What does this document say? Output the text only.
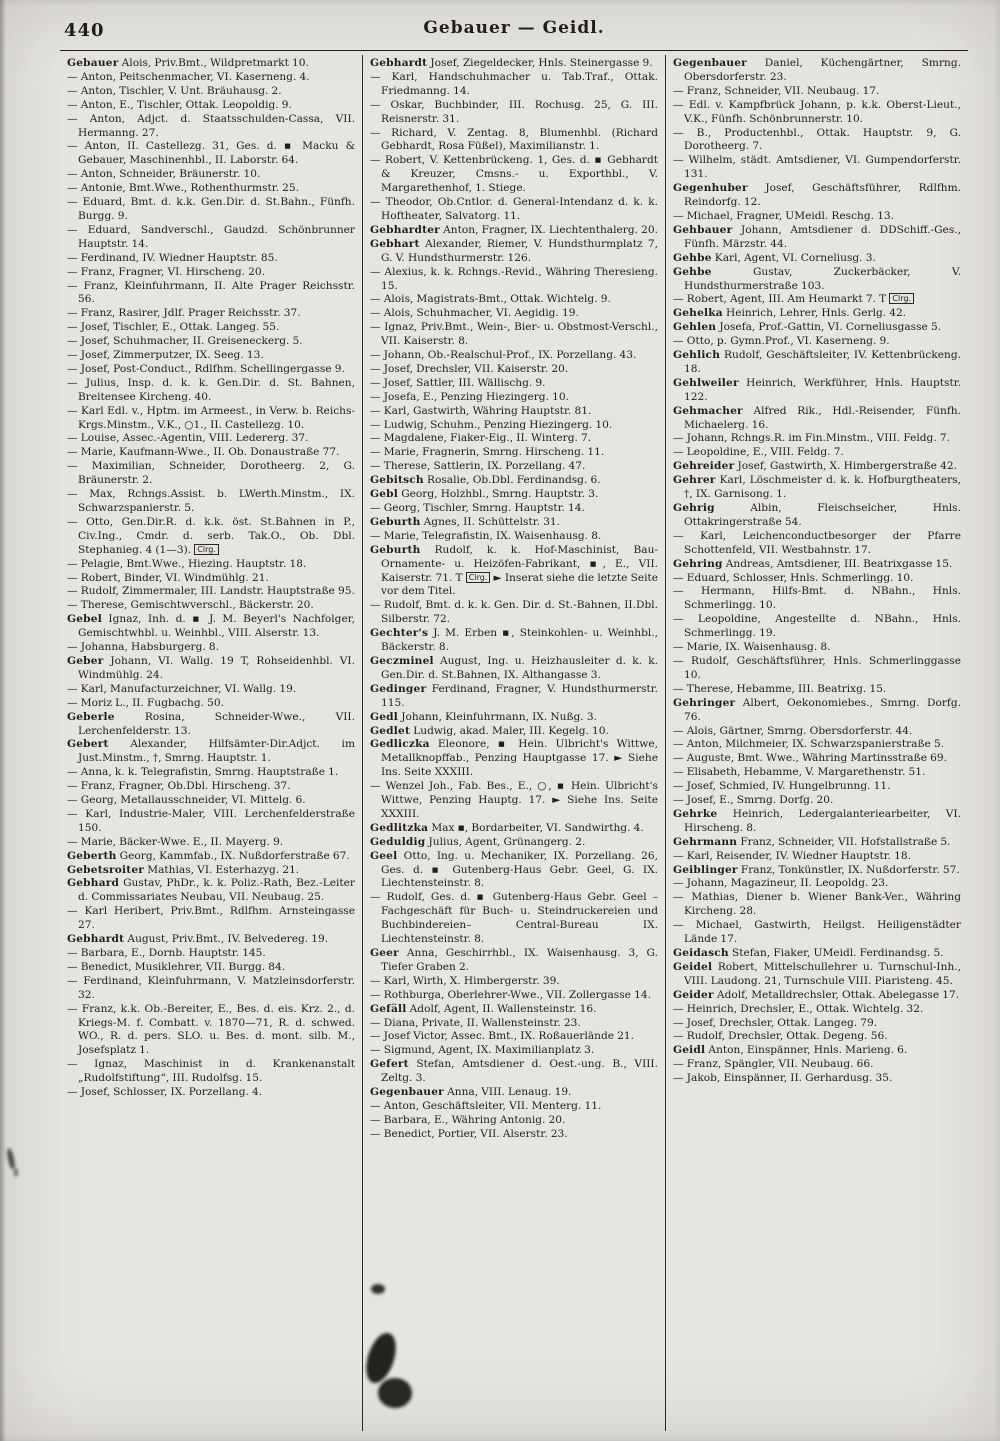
440	Gebauer — Geidl.
Gebauer Alois, Priv.Bmt., Wildpretmarkt 10.
— Anton, Peitschenmacher, VI. Kaserneng. 4.
— Anton, Tischler, V. Unt. Bräuhausg. 2.
— Anton, E., Tischler, Ottak. Leopoldig. 9.
— Anton, Adjct. d. Staatsschulden-Cassa, VII. Hermanng. 27.
— Anton, II. Castellezg. 31, Ges. d. ▪ Macku & Gebauer, Maschinenhbl., II. Laborstr. 64.
— Anton, Schneider, Bräunerstr. 10.
— Antonie, Bmt.Wwe., Rothenthurmstr. 25.
— Eduard, Bmt. d. k.k. Gen.Dir. d. St.Bahn., Fünfh. Burgg. 9.
— Eduard, Sandverschl., Gaudzd. Schönbrunner Hauptstr. 14.
— Ferdinand, IV. Wiedner Hauptstr. 85.
— Franz, Fragner, VI. Hirscheng. 20.
— Franz, Kleinfuhrmann, II. Alte Prager Reichsstr. 56.
— Franz, Rasirer, Jdlf. Prager Reichsstr. 37.
— Josef, Tischler, E., Ottak. Langeg. 55.
— Josef, Schuhmacher, II. Greiseneckerg. 5.
— Josef, Zimmerputzer, IX. Seeg. 13.
— Josef, Post-Conduct., Rdlfhm. Schellingergasse 9.
— Julius, Insp. d. k. k. Gen.Dir. d. St. Bahnen, Breitensee Kircheng. 40.
— Karl Edl. v., Hptm. im Armeest., in Verw. b. Reichs-Krgs.Minstm., V.K., ○1., II. Castellezg. 10.
— Louise, Assec.-Agentin, VIII. Ledererg. 37.
— Marie, Kaufmann-Wwe., II. Ob. Donaustraße 77.
— Maximilian, Schneider, Dorotheerg. 2, G. Bräunerstr. 2.
— Max, Rchngs.Assist. b. LWerth.Minstm., IX. Schwarzspanierstr. 5.
— Otto, Gen.Dir.R. d. k.k. öst. St.Bahnen in P., Civ.Ing., Cmdr. d. serb. Tak.O., Ob. Dbl. Stephanieg. 4 (1—3). Clrg.
— Pelagie, Bmt.Wwe., Hiezing. Hauptstr. 18.
— Robert, Binder, VI. Windmühlg. 21.
— Rudolf, Zimmermaler, III. Landstr. Hauptstraße 95.
— Therese, Gemischtwverschl., Bäckerstr. 20.
Gebel Ignaz, Inh. d. ▪ J. M. Beyerl's Nachfolger, Gemischtwhbl. u. Weinhbl., VIII. Alserstr. 13.
— Johanna, Habsburgerg. 8.
Geber Johann, VI. Wallg. 19 T, Rohseidenhbl. VI. Windmühlg. 24.
— Karl, Manufacturzeichner, VI. Wallg. 19.
— Moriz L., II. Fugbachg. 50.
Geberle Rosina, Schneider-Wwe., VII. Lerchenfelderstr. 13.
Gebert Alexander, Hilfsämter-Dir.Adjct. im Just.Minstm., †, Smrng. Hauptstr. 1.
— Anna, k. k. Telegrafistin, Smrng. Hauptstraße 1.
— Franz, Fragner, Ob.Dbl. Hirscheng. 37.
— Georg, Metallausschneider, VI. Mittelg. 6.
— Karl, Industrie-Maler, VIII. Lerchenfelderstraße 150.
— Marie, Bäcker-Wwe. E., II. Mayerg. 9.
Geberth Georg, Kammfab., IX. Nußdorferstraße 67.
Gebetsroiter Mathias, VI. Esterhazyg. 21.
Gebhard Gustav, PhDr., k. k. Poliz.-Rath, Bez.-Leiter d. Commissariates Neubau, VII. Neubaug. 25.
— Karl Heribert, Priv.Bmt., Rdlfhm. Arnsteingasse 27.
Gebhardt August, Priv.Bmt., IV. Belvedereg. 19.
— Barbara, E., Dornb. Hauptstr. 145.
— Benedict, Musiklehrer, VII. Burgg. 84.
— Ferdinand, Kleinfuhrmann, V. Matzleinsdorferstr. 32.
— Franz, k.k. Ob.-Bereiter, E., Bes. d. eis. Krz. 2., d. Kriegs-M. f. Combatt. v. 1870—71, R. d. schwed. WO., R. d. pers. SLO. u. Bes. d. mont. silb. M., Josefsplatz 1.
— Ignaz, Maschinist in d. Krankenanstalt „Rudolfstiftung“, III. Rudolfsg. 15.
— Josef, Schlosser, IX. Porzellang. 4.
Gebhardt Josef, Ziegeldecker, Hnls. Steinergasse 9.
— Karl, Handschuhmacher u. Tab.Traf., Ottak. Friedmanng. 14.
— Oskar, Buchbinder, III. Rochusg. 25, G. III. Reisnerstr. 31.
— Richard, V. Zentag. 8, Blumenhbl. (Richard Gebhardt, Rosa Füßel), Maximilianstr. 1.
— Robert, V. Kettenbrückeng. 1, Ges. d. ▪ Gebhardt & Kreuzer, Cmsns.- u. Exporthbl., V. Margarethenhof, 1. Stiege.
— Theodor, Ob.Cntlor. d. General-Intendanz d. k. k. Hoftheater, Salvatorg. 11.
Gebhardter Anton, Fragner, IX. Liechtenthalerg. 20.
Gebhart Alexander, Riemer, V. Hundsthurmplatz 7, G. V. Hundsthurmerstr. 126.
— Alexius, k. k. Rchngs.-Revid., Währing Theresieng. 15.
— Alois, Magistrats-Bmt., Ottak. Wichtelg. 9.
— Alois, Schuhmacher, VI. Aegidig. 19.
— Ignaz, Priv.Bmt., Wein-, Bier- u. Obstmost-Verschl., VII. Kaiserstr. 8.
— Johann, Ob.-Realschul-Prof., IX. Porzellang. 43.
— Josef, Drechsler, VII. Kaiserstr. 20.
— Josef, Sattler, III. Wällischg. 9.
— Josefa, E., Penzing Hiezingerg. 10.
— Karl, Gastwirth, Währing Hauptstr. 81.
— Ludwig, Schuhm., Penzing Hiezingerg. 10.
— Magdalene, Fiaker-Eig., II. Winterg. 7.
— Marie, Fragnerin, Smrng. Hirscheng. 11.
— Therese, Sattlerin, IX. Porzellang. 47.
Gebitsch Rosalie, Ob.Dbl. Ferdinandsg. 6.
Gebl Georg, Holzhbl., Smrng. Hauptstr. 3.
— Georg, Tischler, Smrng. Hauptstr. 14.
Geburth Agnes, II. Schüttelstr. 31.
— Marie, Telegrafistin, IX. Waisenhausg. 8.
Geburth Rudolf, k. k. Hof-Maschinist, Bau-Ornamente- u. Heizöfen-Fabrikant, ▪, E., VII. Kaiserstr. 71. T Clrg. ► Inserat siehe die letzte Seite vor dem Titel.
— Rudolf, Bmt. d. k. k. Gen. Dir. d. St.-Bahnen, II.Dbl. Silberstr. 72.
Gechter's J. M. Erben ▪, Steinkohlen- u. Weinhbl., Bäckerstr. 8.
Geczminel August, Ing. u. Heizhausleiter d. k. k. Gen.Dir. d. St.Bahnen, IX. Althangasse 3.
Gedinger Ferdinand, Fragner, V. Hundsthurmerstr. 115.
Gedl Johann, Kleinfuhrmann, IX. Nußg. 3.
Gedlet Ludwig, akad. Maler, III. Kegelg. 10.
Gedliczka Eleonore, ▪ Hein. Ulbricht's Wittwe, Metallknopffab., Penzing Hauptgasse 17. ► Siehe Ins. Seite XXXIII.
— Wenzel Joh., Fab. Bes., E., ○, ▪ Hein. Ulbricht's Wittwe, Penzing Hauptg. 17. ► Siehe Ins. Seite XXXIII.
Gedlitzka Max ▪, Bordarbeiter, VI. Sandwirthg. 4.
Geduldig Julius, Agent, Grünangerg. 2.
Geel Otto, Ing. u. Mechaniker, IX. Porzellang. 26, Ges. d. ▪ Gutenberg-Haus Gebr. Geel, G. IX. Liechtensteinstr. 8.
— Rudolf, Ges. d. ▪ Gutenberg-Haus Gebr. Geel –Fachgeschäft für Buch- u. Steindruckereien und Buchbindereien– Central-Bureau IX. Liechtensteinstr. 8.
Geer Anna, Geschirrhbl., IX. Waisenhausg. 3, G. Tiefer Graben 2.
— Karl, Wirth, X. Himbergerstr. 39.
— Rothburga, Oberlehrer-Wwe., VII. Zollergasse 14.
Gefäll Adolf, Agent, II. Wallensteinstr. 16.
— Diana, Private, II. Wallensteinstr. 23.
— Josef Victor, Assec. Bmt., IX. Roßauerlände 21.
— Sigmund, Agent, IX. Maximilianplatz 3.
Gefert Stefan, Amtsdiener d. Oest.-ung. B., VIII. Zeltg. 3.
Gegenbauer Anna, VIII. Lenaug. 19.
— Anton, Geschäftsleiter, VII. Menterg. 11.
— Barbara, E., Währing Antonig. 20.
— Benedict, Portier, VII. Alserstr. 23.
Gegenbauer Daniel, Küchengärtner, Smrng. Obersdorferstr. 23.
— Franz, Schneider, VII. Neubaug. 17.
— Edl. v. Kampfbrück Johann, p. k.k. Oberst-Lieut., V.K., Fünfh. Schönbrunnerstr. 10.
— B., Productenhbl., Ottak. Hauptstr. 9, G. Dorotheerg. 7.
— Wilhelm, städt. Amtsdiener, VI. Gumpendorferstr. 131.
Gegenhuber Josef, Geschäftsführer, Rdlfhm. Reindorfg. 12.
— Michael, Fragner, UMeidl. Reschg. 13.
Gehbauer Johann, Amtsdiener d. DDSchiff.-Ges., Fünfh. Märzstr. 44.
Gehbe Karl, Agent, VI. Corneliusg. 3.
Gehbe Gustav, Zuckerbäcker, V. Hundsthurmerstraße 103.
— Robert, Agent, III. Am Heumarkt 7. T Clrg.
Gehelka Heinrich, Lehrer, Hnls. Gerlg. 42.
Gehlen Josefa, Prof.-Gattin, VI. Corneliusgasse 5.
— Otto, p. Gymn.Prof., VI. Kaserneng. 9.
Gehlich Rudolf, Geschäftsleiter, IV. Kettenbrückeng. 18.
Gehlweiler Heinrich, Werkführer, Hnls. Hauptstr. 122.
Gehmacher Alfred Rik., Hdl.-Reisender, Fünfh. Michaelerg. 16.
— Johann, Rchngs.R. im Fin.Minstm., VIII. Feldg. 7.
— Leopoldine, E., VIII. Feldg. 7.
Gehreider Josef, Gastwirth, X. Himbergerstraße 42.
Gehrer Karl, Löschmeister d. k. k. Hofburgtheaters, †, IX. Garnisong. 1.
Gehrig Albin, Fleischselcher, Hnls. Ottakringerstraße 54.
— Karl, Leichenconductbesorger der Pfarre Schottenfeld, VII. Westbahnstr. 17.
Gehring Andreas, Amtsdiener, III. Beatrixgasse 15.
— Eduard, Schlosser, Hnls. Schmerlingg. 10.
— Hermann, Hilfs-Bmt. d. NBahn., Hnls. Schmerlingg. 10.
— Leopoldine, Angestellte d. NBahn., Hnls. Schmerlingg. 19.
— Marie, IX. Waisenhausg. 8.
— Rudolf, Geschäftsführer, Hnls. Schmerlinggasse 10.
— Therese, Hebamme, III. Beatrixg. 15.
Gehringer Albert, Oekonomiebes., Smrng. Dorfg. 76.
— Alois, Gärtner, Smrng. Obersdorferstr. 44.
— Anton, Milchmeier, IX. Schwarzspanierstraße 5.
— Auguste, Bmt. Wwe., Währing Martinsstraße 69.
— Elisabeth, Hebamme, V. Margarethenstr. 51.
— Josef, Schmied, IV. Hungelbrunng. 11.
— Josef, E., Smrng. Dorfg. 20.
Gehrke Heinrich, Ledergalanteriearbeiter, VI. Hirscheng. 8.
Gehrmann Franz, Schneider, VII. Hofstallstraße 5.
— Karl, Reisender, IV. Wiedner Hauptstr. 18.
Geiblinger Franz, Tonkünstler, IX. Nußdorferstr. 57.
— Johann, Magazineur, II. Leopoldg. 23.
— Mathias, Diener b. Wiener Bank-Ver., Währing Kircheng. 28.
— Michael, Gastwirth, Heilgst. Heiligenstädter Lände 17.
Geidasch Stefan, Fiaker, UMeidl. Ferdinandsg. 5.
Geidel Robert, Mittelschullehrer u. Turnschul-Inh., VIII. Laudong. 21, Turnschule VIII. Piaristeng. 45.
Geider Adolf, Metalldrechsler, Ottak. Abelegasse 17.
— Heinrich, Drechsler, E., Ottak. Wichtelg. 32.
— Josef, Drechsler, Ottak. Langeg. 79.
— Rudolf, Drechsler, Ottak. Degeng. 56.
Geidl Anton, Einspänner, Hnls. Marieng. 6.
— Franz, Spängler, VII. Neubaug. 66.
— Jakob, Einspänner, II. Gerhardusg. 35.
